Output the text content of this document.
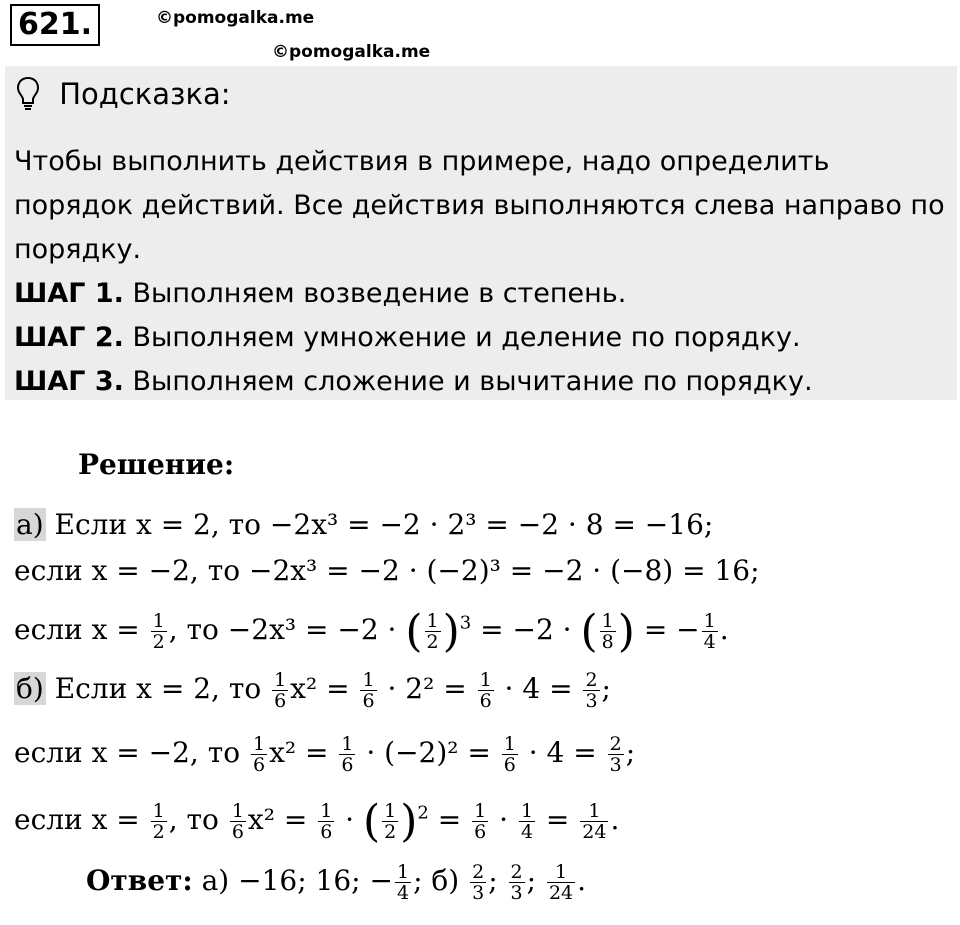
621.	©pomogalka.me
©pomogalka.me
Подсказка:

Чтобы выполнить действия в примере, надо определить порядок действий. Все действия выполняются слева направо по порядку.

ШАГ 1. Выполняем возведение в степень.

ШАГ 2. Выполняем умножение и деление по порядку.

ШАГ 3. Выполняем сложение и вычитание по порядку.

Решение:
а) Если x = 2, то −2x³ = −2 · 2³ = −2 · 8 = −16;
если x = −2, то −2x³ = −2 · (−2)³ = −2 · (−8) = 16;
если $x = \frac{1}{2}$ , то −2x³ = −2 · ( $\frac{1}{2} )^3 = -2$ · ( $\frac{1}{8}$ ) = − $\frac{1}{4}$ .
б) Если x = 2, то $\frac{1}{6} x^2 = \frac{1}{6} \cdot 2^2 = \frac{1}{6} \cdot 4 = \frac{2}{3}$ ;
если x = −2, то $\frac{1}{6} x^2 = \frac{1}{6} \cdot (-2)^2 = \frac{1}{6} \cdot 4 = \frac{2}{3}$ ;
если $x = \frac{1}{2}$ , то $\frac{1}{6} x^2 = \frac{1}{6}$ · ( $\frac{1}{2} )^2 = \frac{1}{6} \cdot \frac{1}{4} = \frac{1}{24}$ .
Ответ: а) −16; 16; − $\frac{1}{4}$ ; $б) \frac{2}{3}$ ; $\frac{2}{3}$ ; $\frac{1}{24}$ .
